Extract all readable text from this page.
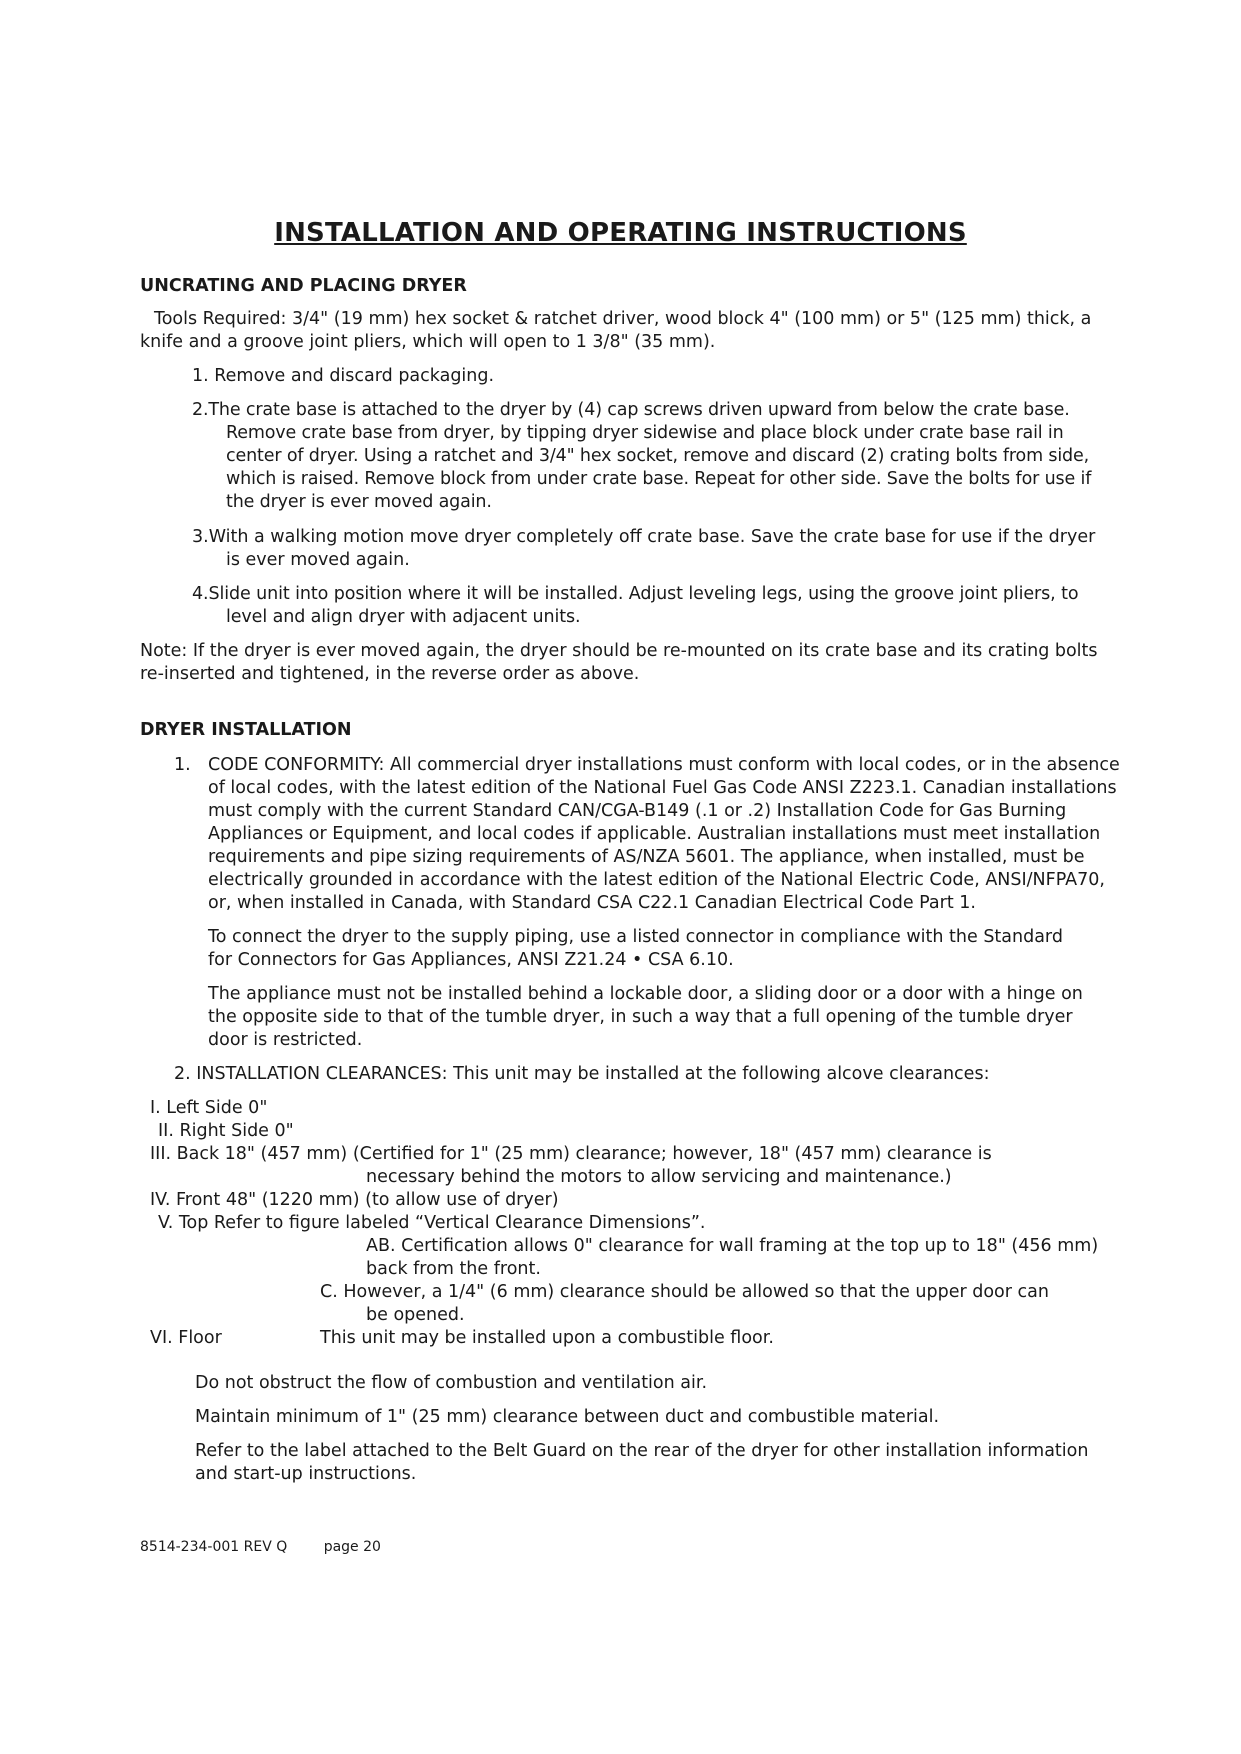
INSTALLATION AND OPERATING INSTRUCTIONS
UNCRATING AND PLACING DRYER
Tools Required: 3/4" (19 mm) hex socket & ratchet driver, wood block 4" (100 mm) or 5" (125 mm) thick, a knife and a groove joint pliers, which will open to 1 3/8" (35 mm).
1. Remove and discard packaging.
2.The crate base is attached to the dryer by (4) cap screws driven upward from below the crate base. Remove crate base from dryer, by tipping dryer sidewise and place block under crate base rail in center of dryer. Using a ratchet and 3/4" hex socket, remove and discard (2) crating bolts from side, which is raised. Remove block from under crate base. Repeat for other side. Save the bolts for use if the dryer is ever moved again.
3.With a walking motion move dryer completely off crate base. Save the crate base for use if the dryer is ever moved again.
4.Slide unit into position where it will be installed. Adjust leveling legs, using the groove joint pliers, to level and align dryer with adjacent units.
Note: If the dryer is ever moved again, the dryer should be re-mounted on its crate base and its crating bolts re-inserted and tightened, in the reverse order as above.
DRYER INSTALLATION
1. CODE CONFORMITY: All commercial dryer installations must conform with local codes, or in the absence of local codes, with the latest edition of the National Fuel Gas Code ANSI Z223.1. Canadian installations must comply with the current Standard CAN/CGA-B149 (.1 or .2) Installation Code for Gas Burning Appliances or Equipment, and local codes if applicable. Australian installations must meet installation requirements and pipe sizing requirements of AS/NZA 5601. The appliance, when installed, must be electrically grounded in accordance with the latest edition of the National Electric Code, ANSI/NFPA70, or, when installed in Canada, with Standard CSA C22.1 Canadian Electrical Code Part 1.
To connect the dryer to the supply piping, use a listed connector in compliance with the Standard for Connectors for Gas Appliances, ANSI Z21.24 • CSA 6.10.
The appliance must not be installed behind a lockable door, a sliding door or a door with a hinge on the opposite side to that of the tumble dryer, in such a way that a full opening of the tumble dryer door is restricted.
2. INSTALLATION CLEARANCES: This unit may be installed at the following alcove clearances:
I. Left Side 0"
II. Right Side 0"
III. Back 18" (457 mm) (Certified for 1" (25 mm) clearance; however, 18" (457 mm) clearance is
necessary behind the motors to allow servicing and maintenance.)
IV. Front 48" (1220 mm) (to allow use of dryer)
V. Top Refer to figure labeled “Vertical Clearance Dimensions”.
AB. Certification allows 0" clearance for wall framing at the top up to 18" (456 mm)
back from the front.
C. However, a 1/4" (6 mm) clearance should be allowed so that the upper door can
be opened.
VI. Floor	This unit may be installed upon a combustible floor.
Do not obstruct the flow of combustion and ventilation air.
Maintain minimum of 1" (25 mm) clearance between duct and combustible material.
Refer to the label attached to the Belt Guard on the rear of the dryer for other installation information and start-up instructions.
8514-234-001 REV Q	page 20
